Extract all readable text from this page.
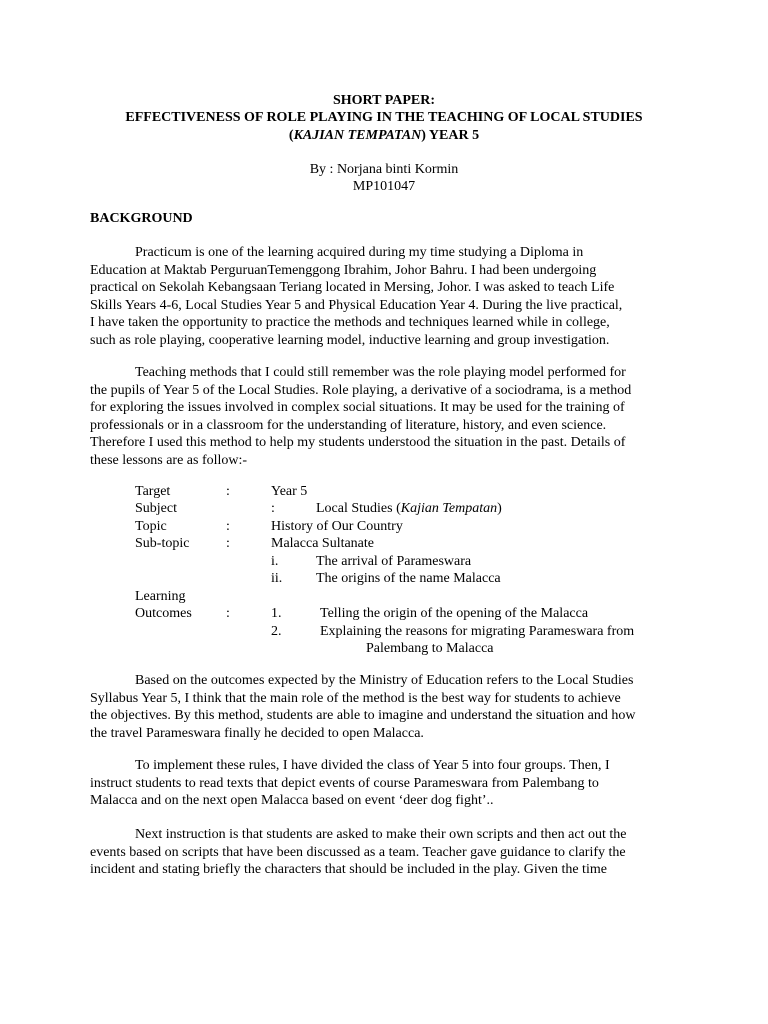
SHORT PAPER:
EFFECTIVENESS OF ROLE PLAYING IN THE TEACHING OF LOCAL STUDIES
(KAJIAN TEMPATAN) YEAR 5
By : Norjana binti Kormin
MP101047
BACKGROUND
Practicum is one of the learning acquired during my time studying a Diploma in
Education at Maktab PerguruanTemenggong Ibrahim, Johor Bahru. I had been undergoing
practical on Sekolah Kebangsaan Teriang located in Mersing, Johor. I was asked to teach Life
Skills Years 4-6, Local Studies Year 5 and Physical Education Year 4. During the live practical,
I have taken the opportunity to practice the methods and techniques learned while in college,
such as role playing, cooperative learning model, inductive learning and group investigation.
Teaching methods that I could still remember was the role playing model performed for
the pupils of Year 5 of the Local Studies. Role playing, a derivative of a sociodrama, is a method
for exploring the issues involved in complex social situations. It may be used for the training of
professionals or in a classroom for the understanding of literature, history, and even science.
Therefore I used this method to help my students understood the situation in the past. Details of
these lessons are as follow:-
Target	:	Year 5
Subject	:	Local Studies (Kajian Tempatan)
Topic	:	History of Our Country
Sub-topic	:	Malacca Sultanate
i.	The arrival of Parameswara
ii. The origins of the name Malacca
Learning
Outcomes :	1.	Telling the origin of the opening of the Malacca
2.	Explaining the reasons for migrating Parameswara from
Palembang to Malacca
Based on the outcomes expected by the Ministry of Education refers to the Local Studies
Syllabus Year 5, I think that the main role of the method is the best way for students to achieve
the objectives. By this method, students are able to imagine and understand the situation and how
the travel Parameswara finally he decided to open Malacca.
To implement these rules, I have divided the class of Year 5 into four groups. Then, I
instruct students to read texts that depict events of course Parameswara from Palembang to
Malacca and on the next open Malacca based on event ‘deer dog fight’..
Next instruction is that students are asked to make their own scripts and then act out the
events based on scripts that have been discussed as a team. Teacher gave guidance to clarify the
incident and stating briefly the characters that should be included in the play. Given the time
